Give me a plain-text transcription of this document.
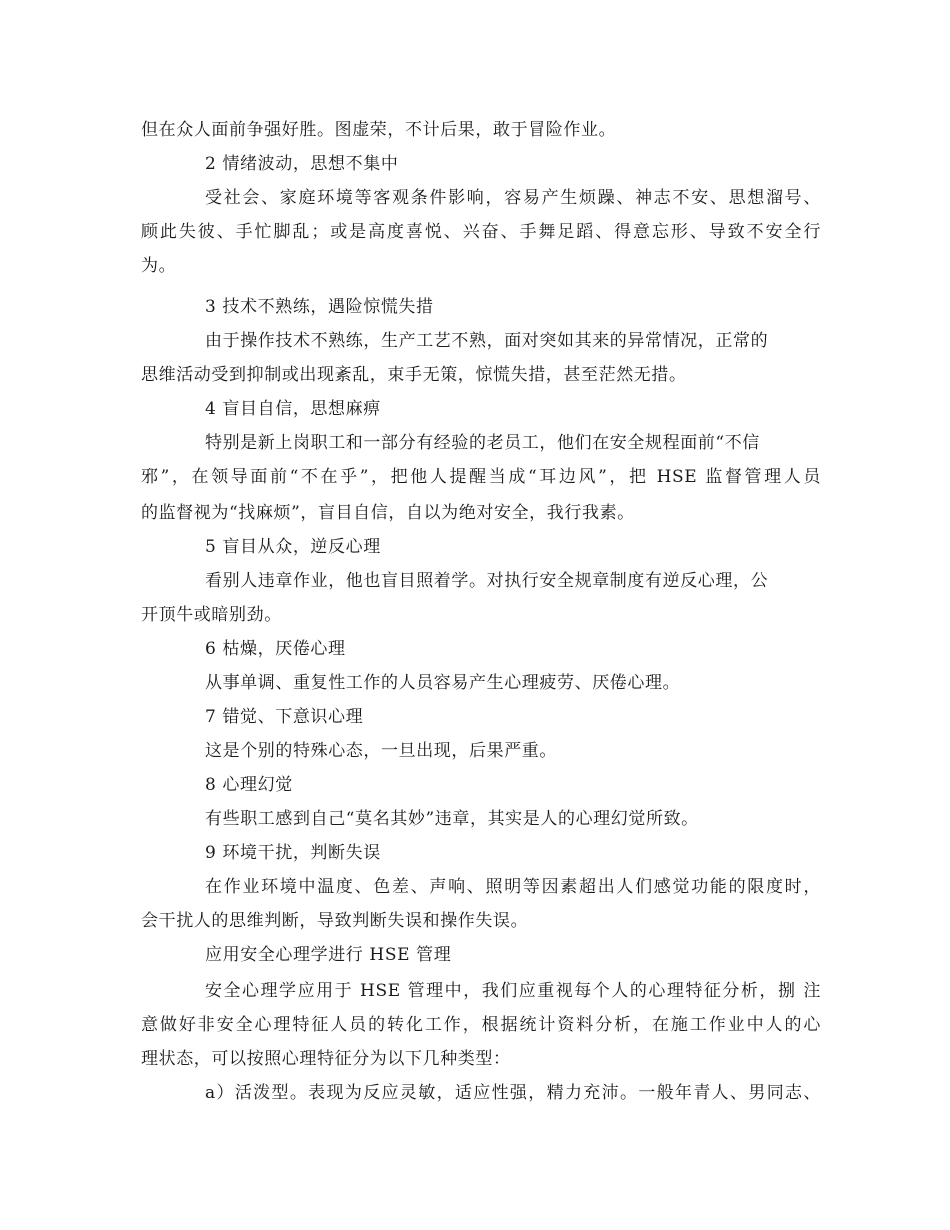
但在众人面前争强好胜。图虚荣，不计后果，敢于冒险作业。
2 情绪波动，思想不集中
受社会、家庭环境等客观条件影响，容易产生烦躁、神志不安、思想溜号、
顾此失彼、手忙脚乱；或是高度喜悦、兴奋、手舞足蹈、得意忘形、导致不安全行
为。
3 技术不熟练，遇险惊慌失措
由于操作技术不熟练，生产工艺不熟，面对突如其来的异常情况，正常的
思维活动受到抑制或出现紊乱，束手无策，惊慌失措，甚至茫然无措。
4 盲目自信，思想麻痹
特别是新上岗职工和一部分有经验的老员工，他们在安全规程面前“不信
邪”，在领导面前“不在乎”，把他人提醒当成“耳边风”，把 HSE 监督管理人员
的监督视为“找麻烦”，盲目自信，自以为绝对安全，我行我素。
5 盲目从众，逆反心理
看别人违章作业，他也盲目照着学。对执行安全规章制度有逆反心理，公
开顶牛或暗别劲。
6 枯燥，厌倦心理
从事单调、重复性工作的人员容易产生心理疲劳、厌倦心理。
7 错觉、下意识心理
这是个别的特殊心态，一旦出现，后果严重。
8 心理幻觉
有些职工感到自己“莫名其妙”违章，其实是人的心理幻觉所致。
9 环境干扰，判断失误
在作业环境中温度、色差、声响、照明等因素超出人们感觉功能的限度时，
会干扰人的思维判断，导致判断失误和操作失误。
应用安全心理学进行 HSE 管理
安全心理学应用于 HSE 管理中，我们应重视每个人的心理特征分析，捌 注
意做好非安全心理特征人员的转化工作，根据统计资料分析，在施工作业中人的心
理状态，可以按照心理特征分为以下几种类型：
a）活泼型。表现为反应灵敏，适应性强，精力充沛。一般年青人、男同志、
